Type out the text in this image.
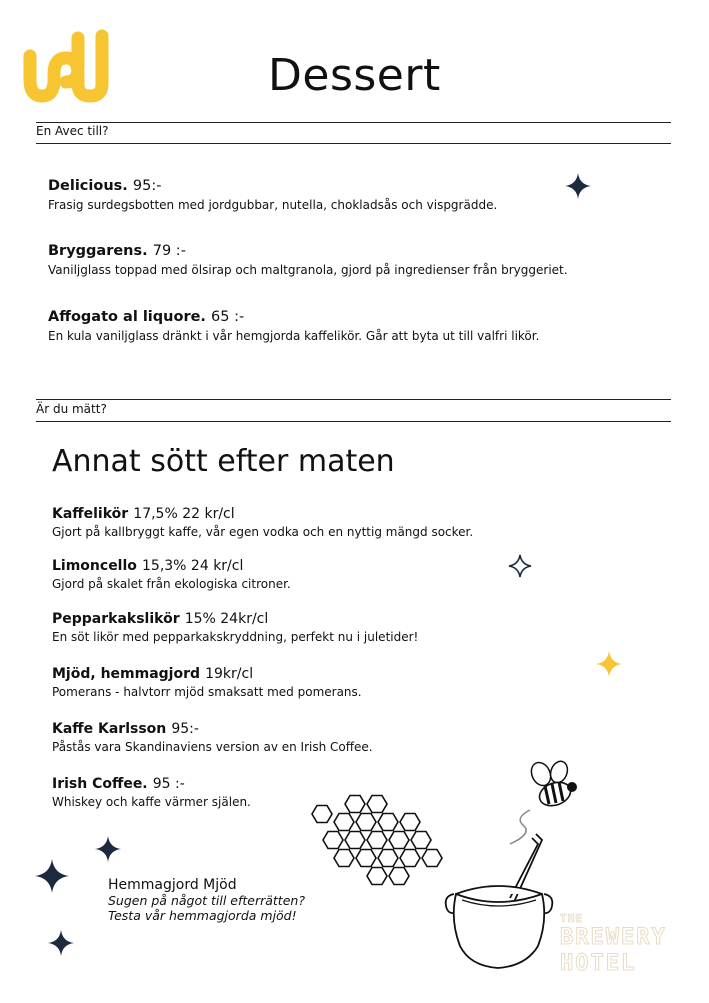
Dessert
En Avec till?
Delicious. 95:-
Frasig surdegsbotten med jordgubbar, nutella, chokladsås och vispgrädde.
Bryggarens. 79 :-
Vaniljglass toppad med ölsirap och maltgranola, gjord på ingredienser från bryggeriet.
Affogato al liquore. 65 :-
En kula vaniljglass dränkt i vår hemgjorda kaffelikör. Går att byta ut till valfri likör.
Är du mätt?
Annat sött efter maten
Kaffelikör 17,5% 22 kr/cl
Gjort på kallbryggt kaffe, vår egen vodka och en nyttig mängd socker.
Limoncello 15,3% 24 kr/cl
Gjord på skalet från ekologiska citroner.
Pepparkakslikör 15% 24kr/cl
En söt likör med pepparkakskryddning, perfekt nu i juletider!
Mjöd, hemmagjord 19kr/cl
Pomerans - halvtorr mjöd smaksatt med pomerans.
Kaffe Karlsson 95:-
Påstås vara Skandinaviens version av en Irish Coffee.
Irish Coffee. 95 :-
Whiskey och kaffe värmer själen.
Hemmagjord Mjöd
Sugen på något till efterrätten?
Testa vår hemmagjorda mjöd!	THE
BREWERY
HOTEL
